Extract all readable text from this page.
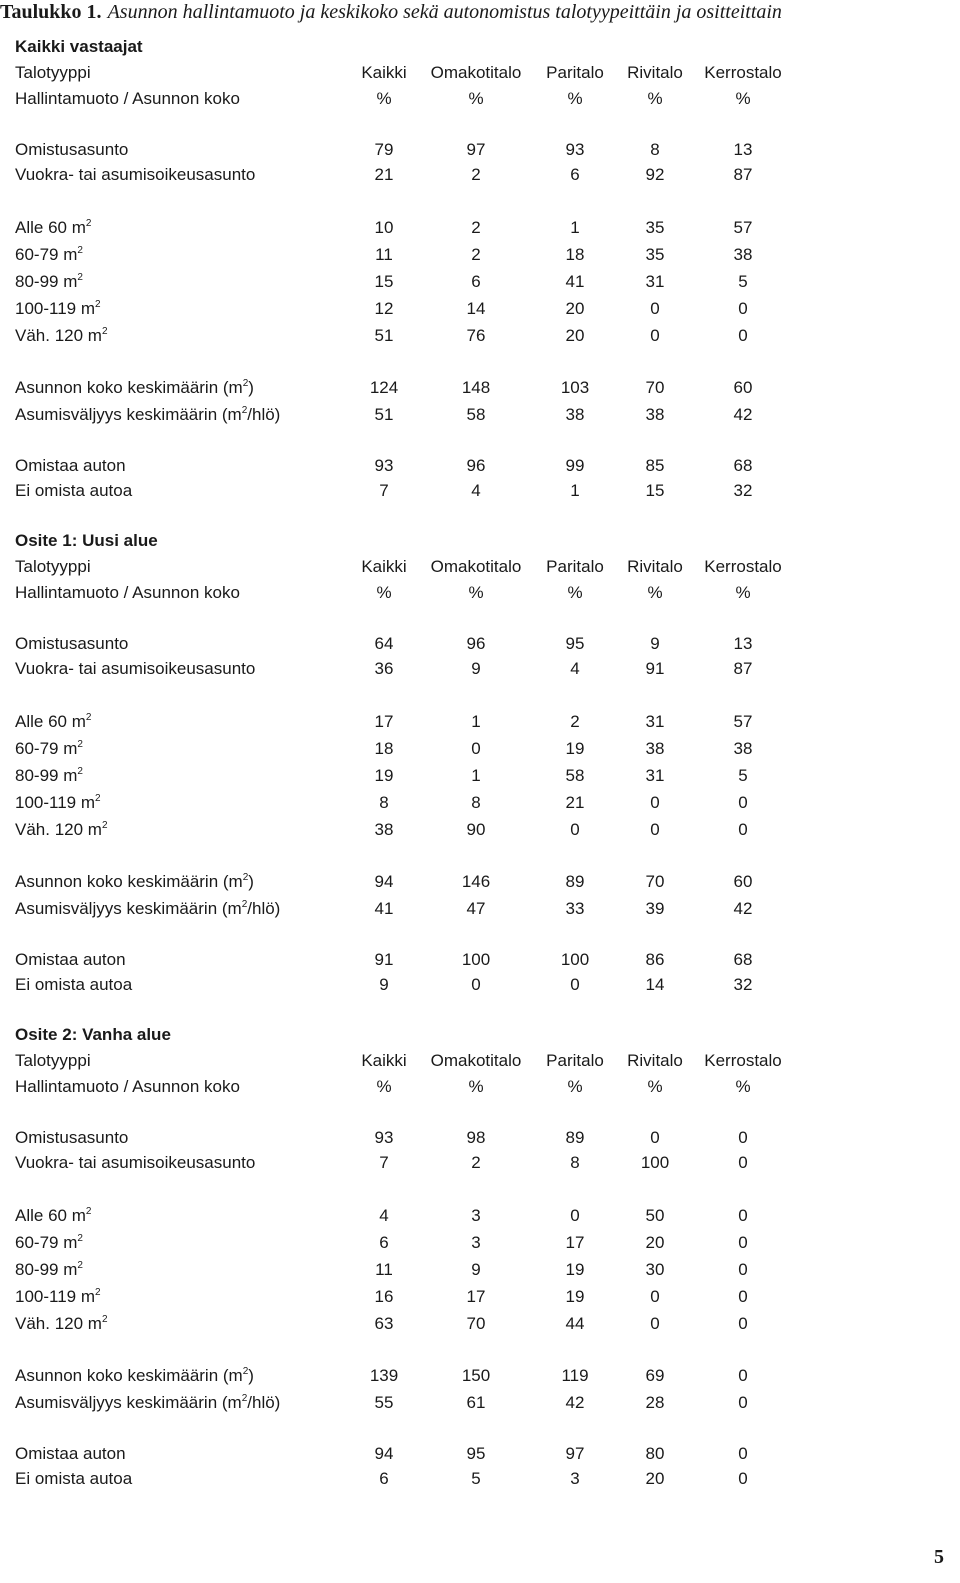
Taulukko 1. Asunnon hallintamuoto ja keskikoko sekä autonomistus talotyypeittäin ja ositteittain
Kaikki vastaajat
Talotyyppi	Kaikki	Omakotitalo	Paritalo	Rivitalo	Kerrostalo
Hallintamuoto / Asunnon koko	%	%	%	%	%
Omistusasunto	79	97	93	8	13
Vuokra- tai asumisoikeusasunto	21	2	6	92	87
Alle 60 $m^2$	10	2	1	35	57
60-79 $m^2$	11	2	18	35	38
80-99 $m^2$	15	6	41	31	5
100-119 $m^2$	12	14	20	0	0
Väh. 120 $m^2$	51	76	20	0	0
Asunnon koko keskimäärin $(m^2)$	124	148	103	70	60
Asumisväljyys keskimäärin $(m^2/hlö)$	51	58	38	38	42
Omistaa auton	93	96	99	85	68
Ei omista autoa	7	4	1	15	32
Osite 1: Uusi alue
Talotyyppi	Kaikki	Omakotitalo	Paritalo	Rivitalo	Kerrostalo
Hallintamuoto / Asunnon koko	%	%	%	%	%
Omistusasunto	64	96	95	9	13
Vuokra- tai asumisoikeusasunto	36	9	4	91	87
Alle 60 $m^2$	17	1	2	31	57
60-79 $m^2$	18	0	19	38	38
80-99 $m^2$	19	1	58	31	5
100-119 $m^2$	8	8	21	0	0
Väh. 120 $m^2$	38	90	0	0	0
Asunnon koko keskimäärin $(m^2)$	94	146	89	70	60
Asumisväljyys keskimäärin $(m^2/hlö)$	41	47	33	39	42
Omistaa auton	91	100	100	86	68
Ei omista autoa	9	0	0	14	32
Osite 2: Vanha alue
Talotyyppi	Kaikki	Omakotitalo	Paritalo	Rivitalo	Kerrostalo
Hallintamuoto / Asunnon koko	%	%	%	%	%
Omistusasunto	93	98	89	0	0
Vuokra- tai asumisoikeusasunto	7	2	8	100	0
Alle 60 $m^2$	4	3	0	50	0
60-79 $m^2$	6	3	17	20	0
80-99 $m^2$	11	9	19	30	0
100-119 $m^2$	16	17	19	0	0
Väh. 120 $m^2$	63	70	44	0	0
Asunnon koko keskimäärin $(m^2)$	139	150	119	69	0
Asumisväljyys keskimäärin $(m^2/hlö)$	55	61	42	28	0
Omistaa auton	94	95	97	80	0
Ei omista autoa	6	5	3	20	0
5
